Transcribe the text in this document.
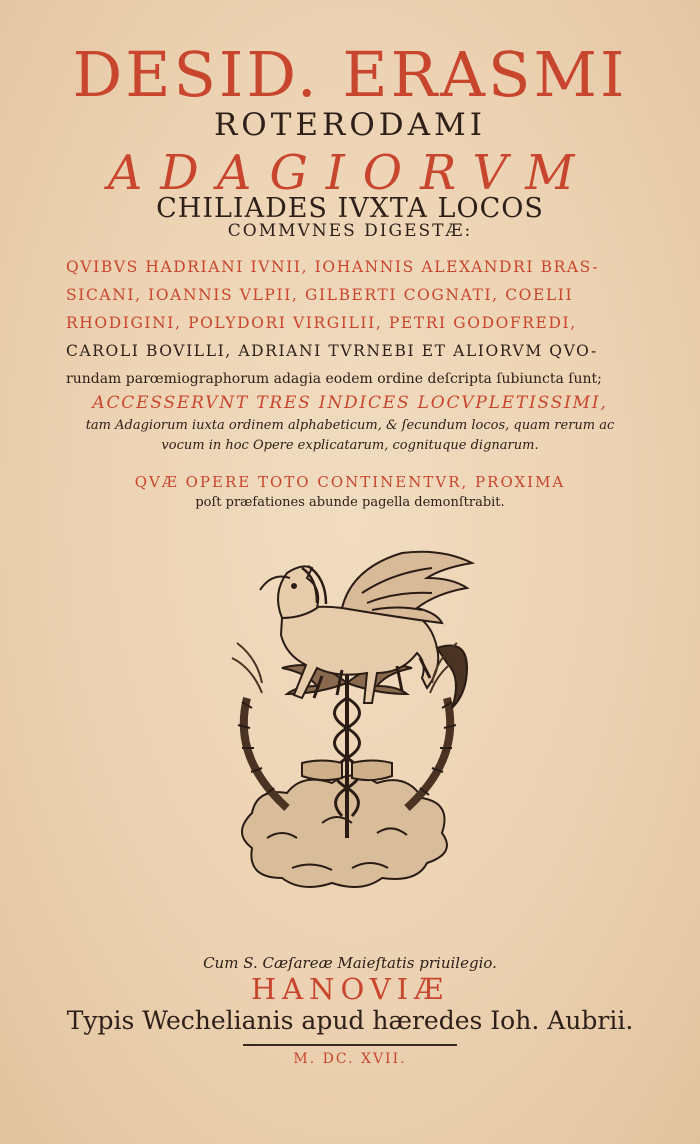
DESID. ERASMI
ROTERODAMI
ADAGIORVM
CHILIADES IVXTA LOCOS
COMMVNES DIGESTÆ:
QVIBVS HADRIANI IVNII, IOHANNIS ALEXANDRI BRAS-
SICANI, IOANNIS VLPII, GILBERTI COGNATI, COELII
RHODIGINI, POLYDORI VIRGILII, PETRI GODOFREDI,
CAROLI BOVILLI, ADRIANI TVRNEBI ET ALIORVM QVO-
rundam parœmiographorum adagia eodem ordine deſcripta ſubiuncta ſunt;
ACCESSERVNT TRES INDICES LOCVPLETISSIMI,
tam Adagiorum iuxta ordinem alphabeticum, & ſecundum locos, quam rerum ac
vocum in hoc Opere explicatarum, cognituque dignarum.
QVÆ OPERE TOTO CONTINENTVR, PROXIMA
poſt præfationes abunde pagella demonſtrabit.
Cum S. Cæſareæ Maieſtatis priuilegio.
HANOVIÆ
Typis Wechelianis apud hæredes Ioh. Aubrii.
M. DC. XVII.
